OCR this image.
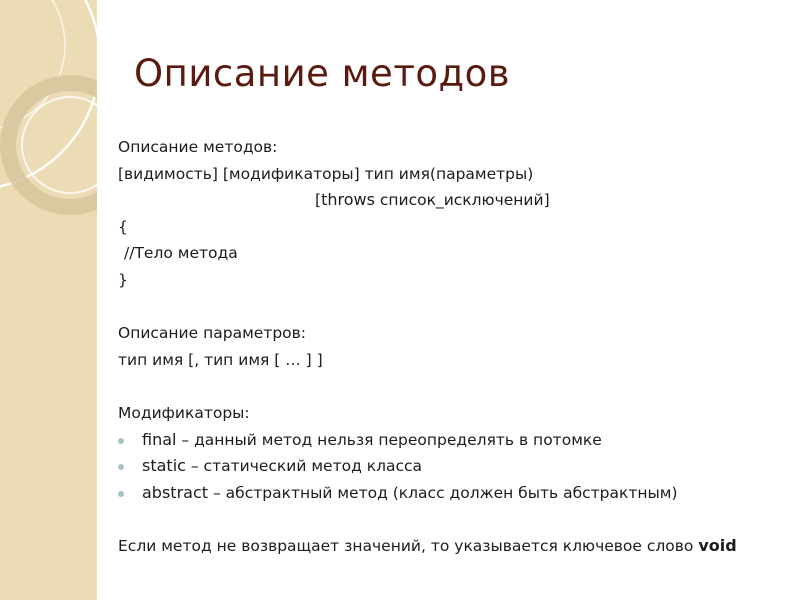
Описание методов
Описание методов:
[видимость] [модификаторы] тип имя(параметры)
[throws список_исключений]
{
//Тело метода
}
Описание параметров:
тип имя [, тип имя [ … ] ]
Модификаторы:
final – данный метод нельзя переопределять в потомке
static – статический метод класса
abstract – абстрактный метод (класс должен быть абстрактным)
Если метод не возвращает значений, то указывается ключевое слово void
